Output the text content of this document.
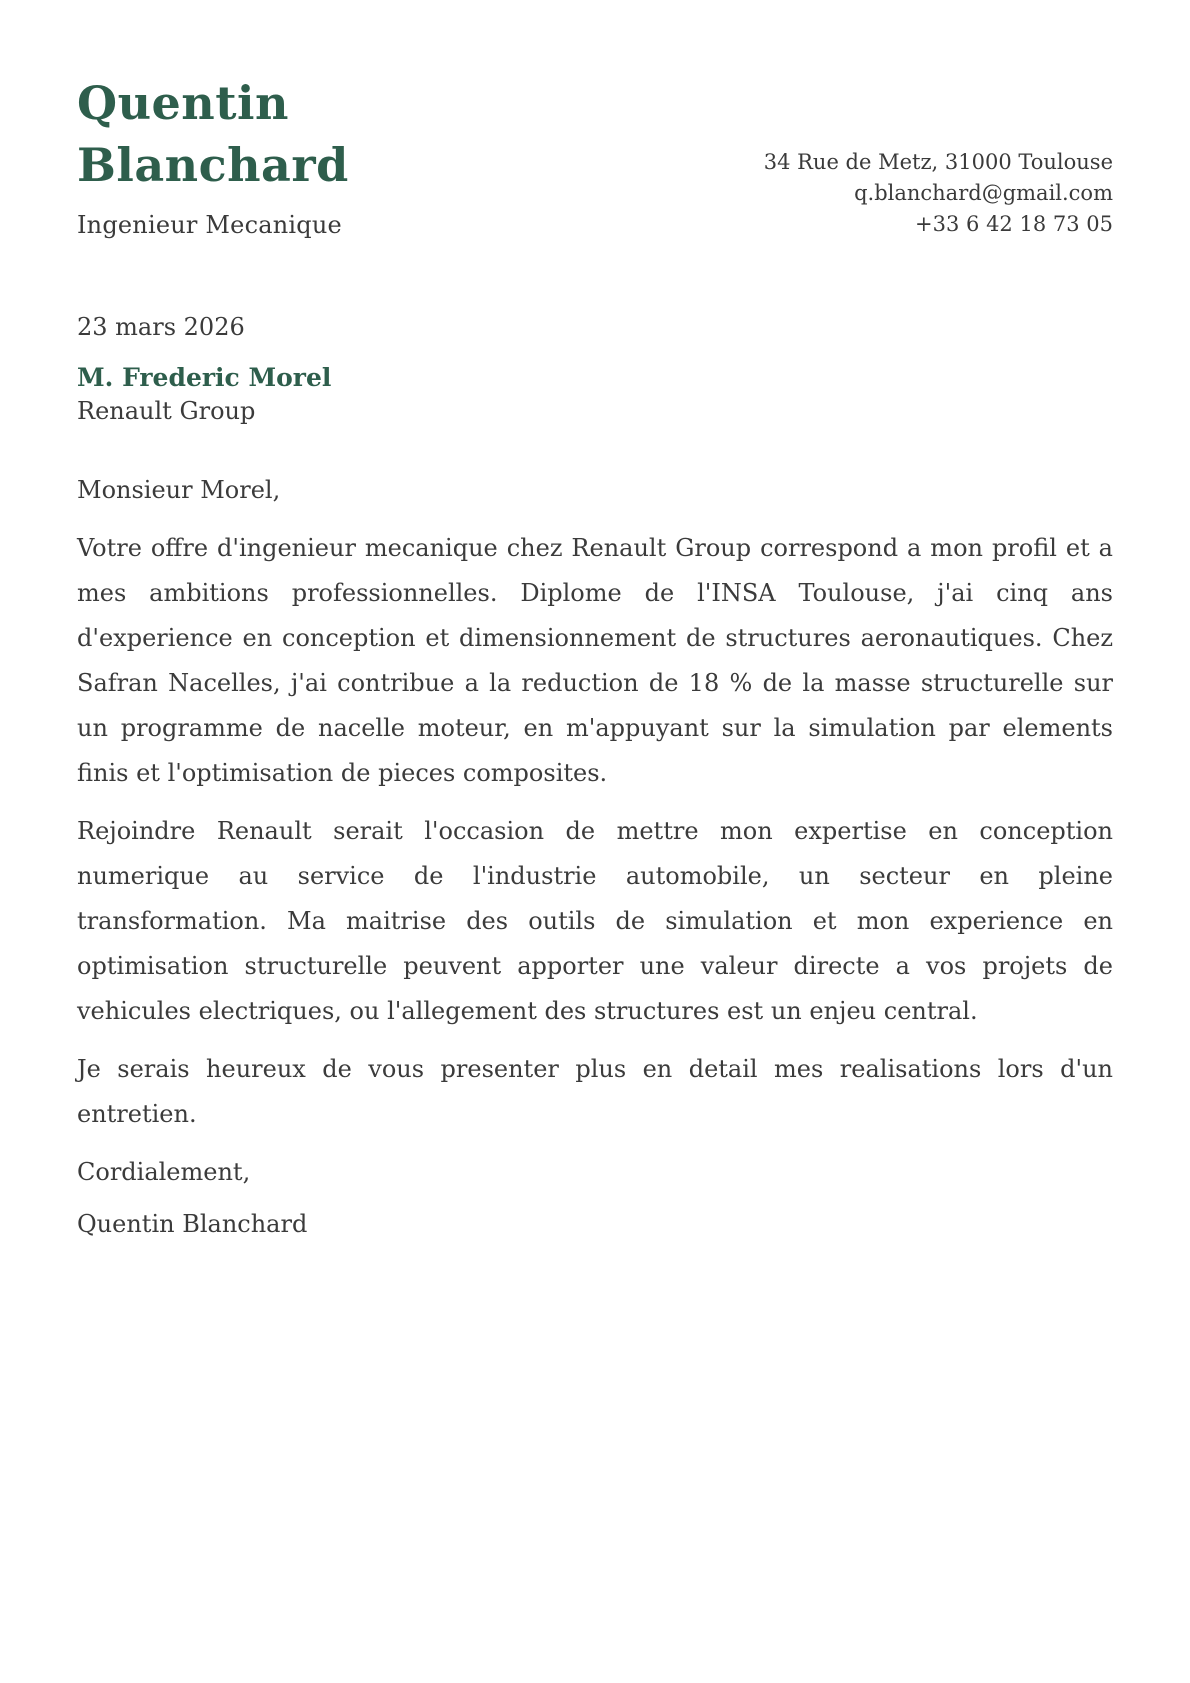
Quentin
Blanchard
Ingenieur Mecanique
34 Rue de Metz, 31000 Toulouse
q.blanchard@gmail.com
+33 6 42 18 73 05

23 mars 2026

M. Frederic Morel
Renault Group

Monsieur Morel,

Votre offre d'ingenieur mecanique chez Renault Group correspond a mon profil et a mes ambitions professionnelles. Diplome de l'INSA Toulouse, j'ai cinq ans d'experience en conception et dimensionnement de structures aeronautiques. Chez Safran Nacelles, j'ai contribue a la reduction de 18 % de la masse structurelle sur un programme de nacelle moteur, en m'appuyant sur la simulation par elements finis et l'optimisation de pieces composites.

Rejoindre Renault serait l'occasion de mettre mon expertise en conception numerique au service de l'industrie automobile, un secteur en pleine transformation. Ma maitrise des outils de simulation et mon experience en optimisation structurelle peuvent apporter une valeur directe a vos projets de vehicules electriques, ou l'allegement des structures est un enjeu central.

Je serais heureux de vous presenter plus en detail mes realisations lors d'un entretien.

Cordialement,

Quentin Blanchard
